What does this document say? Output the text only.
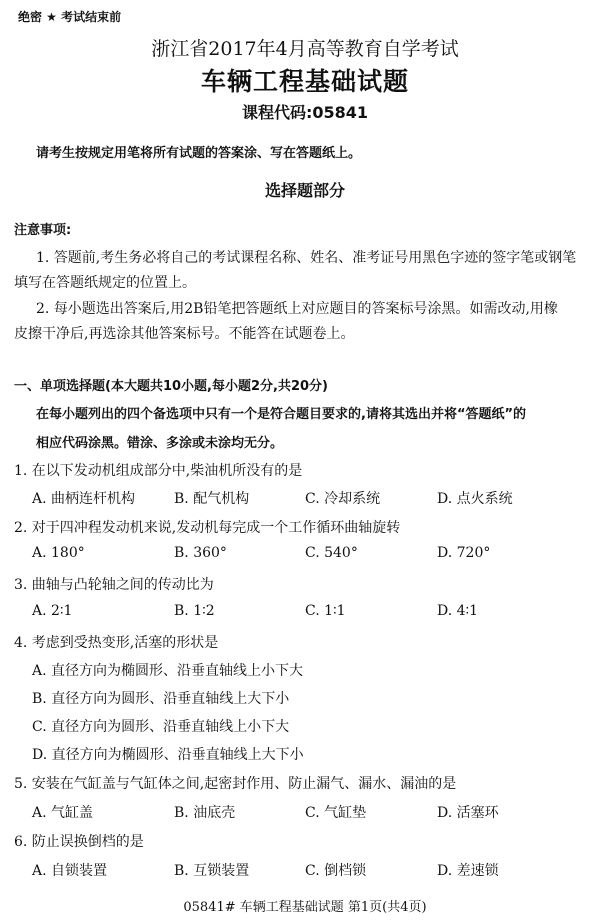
绝密 ★ 考试结束前
浙江省2017年4月高等教育自学考试
车辆工程基础试题
课程代码:05841
请考生按规定用笔将所有试题的答案涂、写在答题纸上。
选择题部分
注意事项:
1. 答题前,考生务必将自己的考试课程名称、姓名、准考证号用黑色字迹的签字笔或钢笔
填写在答题纸规定的位置上。
2. 每小题选出答案后,用2B铅笔把答题纸上对应题目的答案标号涂黑。如需改动,用橡
皮擦干净后,再选涂其他答案标号。不能答在试题卷上。
一、单项选择题(本大题共10小题,每小题2分,共20分)
在每小题列出的四个备选项中只有一个是符合题目要求的,请将其选出并将“答题纸”的
相应代码涂黑。错涂、多涂或未涂均无分。
1. 在以下发动机组成部分中,柴油机所没有的是
A. 曲柄连杆机构	B. 配气机构	C. 冷却系统	D. 点火系统
2. 对于四冲程发动机来说,发动机每完成一个工作循环曲轴旋转
A. 180°	B. 360°	C. 540°	D. 720°
3. 曲轴与凸轮轴之间的传动比为
A. 2∶1	B. 1∶2	C. 1∶1	D. 4∶1
4. 考虑到受热变形,活塞的形状是
A. 直径方向为椭圆形、沿垂直轴线上小下大
B. 直径方向为圆形、沿垂直轴线上大下小
C. 直径方向为圆形、沿垂直轴线上小下大
D. 直径方向为椭圆形、沿垂直轴线上大下小
5. 安装在气缸盖与气缸体之间,起密封作用、防止漏气、漏水、漏油的是
A. 气缸盖	B. 油底壳	C. 气缸垫	D. 活塞环
6. 防止误换倒档的是
A. 自锁装置	B. 互锁装置	C. 倒档锁	D. 差速锁
05841# 车辆工程基础试题 第1页(共4页)
